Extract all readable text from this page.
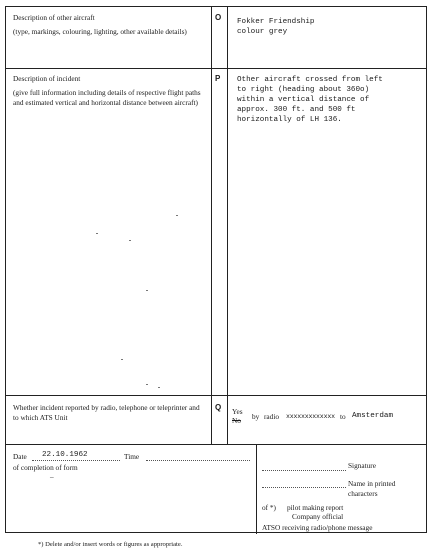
Description of other aircraft
(type, markings, colouring, lighting, other available details)
O Fokker Friendship
colour grey
Description of incident
(give full information including details of respective flight paths and estimated vertical and horizontal distance between aircraft)
P Other aircraft crossed from left
to right (heading about 360o)
within a vertical distance of
approx. 300 ft. and 500 ft
horizontally of LH 136.
Whether incident reported by radio, telephone or teleprinter and to which ATS Unit
Q Yes
No by radio xxxxxxxxxxxxx to Amsterdam
Date 22.10.1962	Time
of completion of form
–
Signature
Name in printed characters
of *) pilot making report
Company official
ATSO receiving radio/phone message
*) Delete and/or insert words or figures as appropriate.
